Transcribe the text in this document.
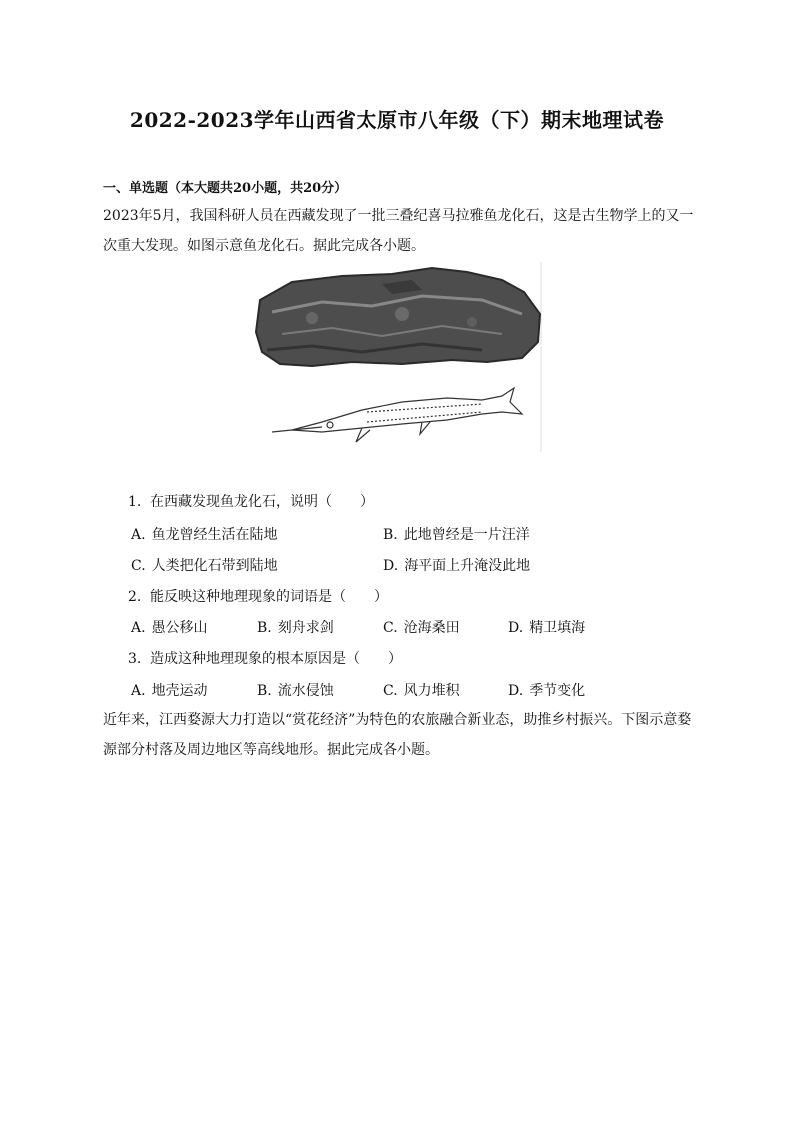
2022-2023学年山西省太原市八年级（下）期末地理试卷
一、单选题（本大题共20小题，共20分）
2023年5月，我国科研人员在西藏发现了一批三叠纪喜马拉雅鱼龙化石，这是古生物学上的又一次重大发现。如图示意鱼龙化石。据此完成各小题。
1. 在西藏发现鱼龙化石，说明（　　）
A. 鱼龙曾经生活在陆地	B. 此地曾经是一片汪洋
C. 人类把化石带到陆地	D. 海平面上升淹没此地
2. 能反映这种地理现象的词语是（　　）
A. 愚公移山	B. 刻舟求剑	C. 沧海桑田	D. 精卫填海
3. 造成这种地理现象的根本原因是（　　）
A. 地壳运动	B. 流水侵蚀	C. 风力堆积	D. 季节变化
近年来，江西婺源大力打造以“赏花经济”为特色的农旅融合新业态，助推乡村振兴。下图示意婺源部分村落及周边地区等高线地形。据此完成各小题。
